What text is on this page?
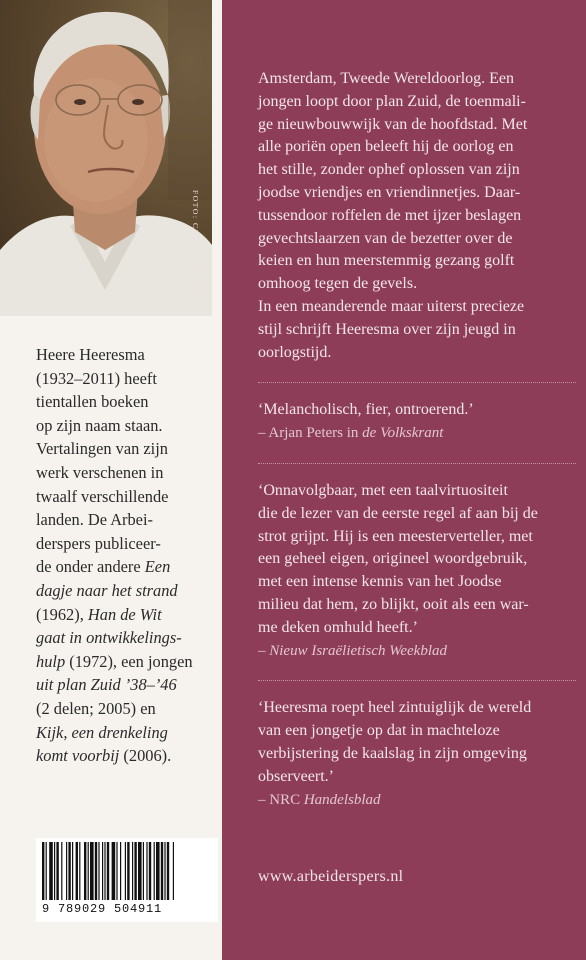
Heere Heeresma
(1932–2011) heeft
tientallen boeken
op zijn naam staan.
Vertalingen van zijn
werk verschenen in
twaalf verschillende
landen. De Arbei-
derspers publiceer-
de onder andere Een
dagje naar het strand
(1962), Han de Wit
gaat in ontwikkelings-
hulp (1972), een jongen
uit plan Zuid ’38–’46
(2 delen; 2005) en
Kijk, een drenkeling
komt voorbij (2006).
9 789029 504911
FOTO: CHRIS VAN HOUTS
Amsterdam, Tweede Wereldoorlog. Een
jongen loopt door plan Zuid, de toenmali-
ge nieuwbouwwijk van de hoofdstad. Met
alle poriën open beleeft hij de oorlog en
het stille, zonder ophef oplossen van zijn
joodse vriendjes en vriendinnetjes. Daar-
tussendoor roffelen de met ijzer beslagen
gevechtslaarzen van de bezetter over de
keien en hun meerstemmig gezang golft
omhoog tegen de gevels.
In een meanderende maar uiterst precieze
stijl schrijft Heeresma over zijn jeugd in
oorlogstijd.
‘Melancholisch, fier, ontroerend.’
– Arjan Peters in de Volkskrant
‘Onnavolgbaar, met een taalvirtuositeit
die de lezer van de eerste regel af aan bij de
strot grijpt. Hij is een meesterverteller, met
een geheel eigen, origineel woordgebruik,
met een intense kennis van het Joodse
milieu dat hem, zo blijkt, ooit als een war-
me deken omhuld heeft.’
– Nieuw Israëlietisch Weekblad
‘Heeresma roept heel zintuiglijk de wereld
van een jongetje op dat in machteloze
verbijstering de kaalslag in zijn omgeving
observeert.’
– NRC Handelsblad
www.arbeiderspers.nl
